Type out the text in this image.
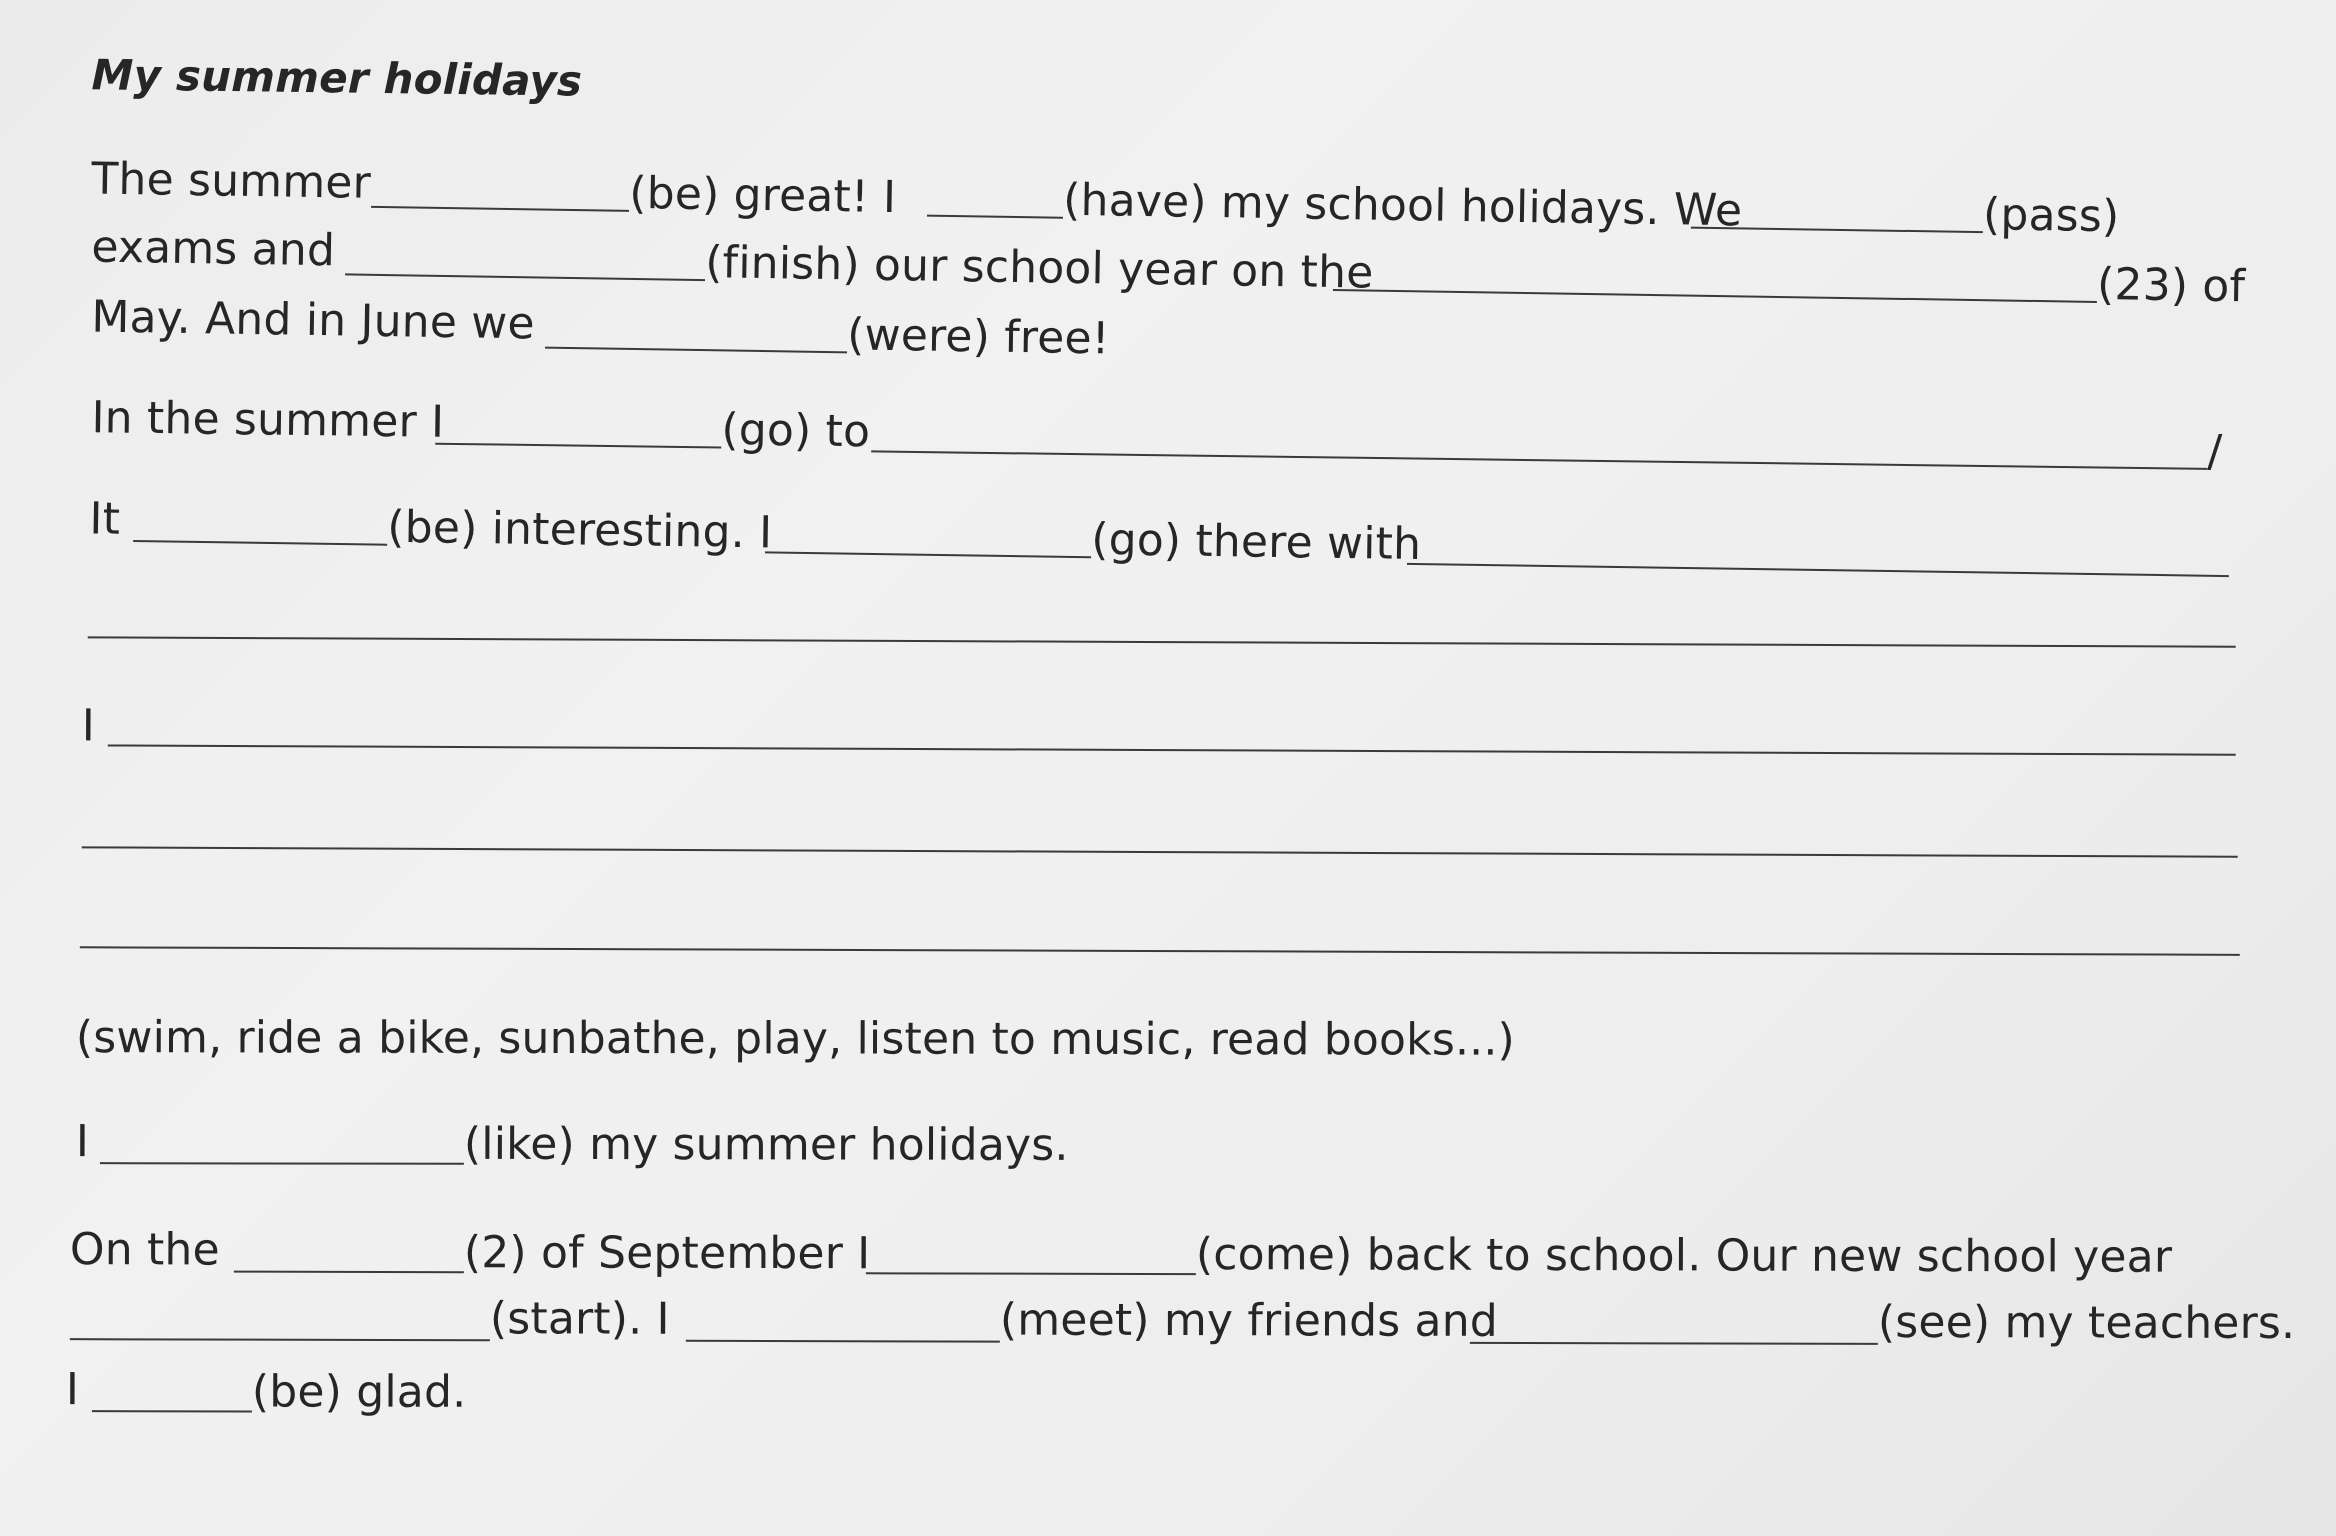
My summer holidays
The summer	(be) great! I	(have) my school holidays. We	(pass)
exams and	(finish) our school year on the	(23) of
May. And in June we	(were) free!
In the summer I	(go) to	/
It	(be) interesting. I	(go) there with
I
(swim, ride a bike, sunbathe, play, listen to music, read books...)
I	(like) my summer holidays.
On the	(2) of September I	(come) back to school. Our new school year
(start). I	(meet) my friends and	(see) my teachers.
I	(be) glad.
